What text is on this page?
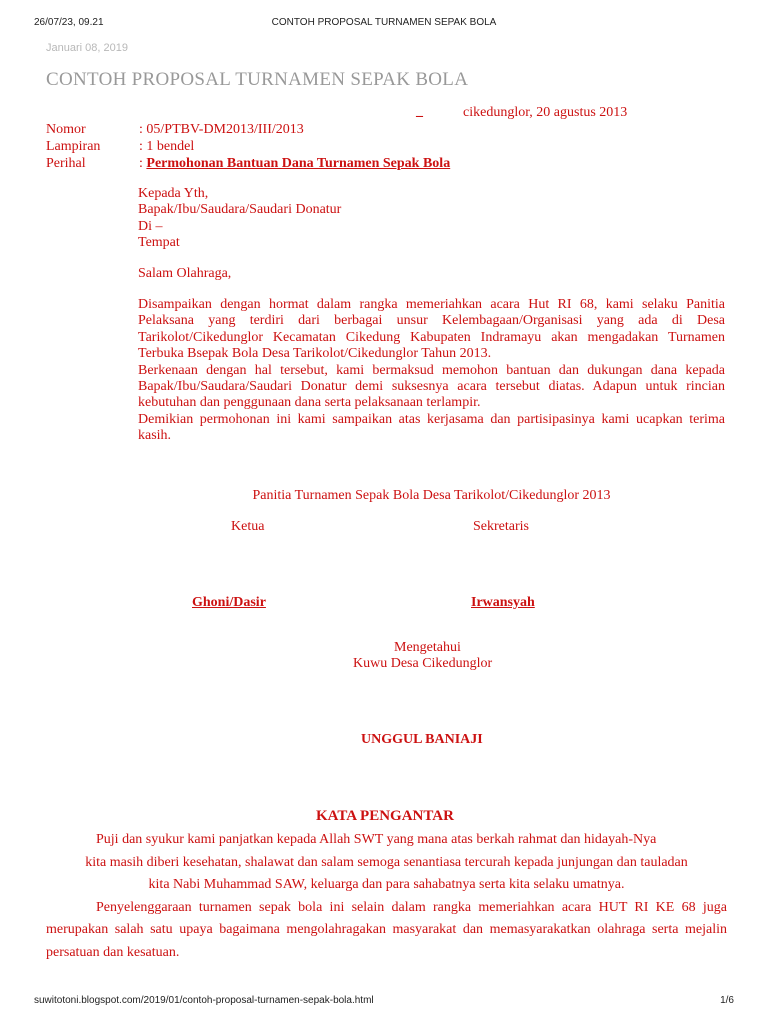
26/07/23, 09.21	CONTOH PROPOSAL TURNAMEN SEPAK BOLA
Januari 08, 2019
CONTOH PROPOSAL TURNAMEN SEPAK BOLA
_	cikedunglor, 20 agustus 2013
Nomor	: 05/PTBV-DM2013/III/2013
Lampiran	: 1 bendel
Perihal	: Permohonan Bantuan Dana Turnamen Sepak Bola
Kepada Yth,
Bapak/Ibu/Saudara/Saudari Donatur
Di –
Tempat
Salam Olahraga,
Disampaikan dengan hormat dalam rangka memeriahkan acara Hut RI 68, kami selaku Panitia Pelaksana yang terdiri dari berbagai unsur Kelembagaan/Organisasi yang ada di Desa Tarikolot/Cikedunglor Kecamatan Cikedung Kabupaten Indramayu akan mengadakan Turnamen Terbuka Bsepak Bola Desa Tarikolot/Cikedunglor Tahun 2013.
Berkenaan dengan hal tersebut, kami bermaksud memohon bantuan dan dukungan dana kepada Bapak/Ibu/Saudara/Saudari Donatur demi suksesnya acara tersebut diatas. Adapun untuk rincian kebutuhan dan penggunaan dana serta pelaksanaan terlampir.
Demikian permohonan ini kami sampaikan atas kerjasama dan partisipasinya kami ucapkan terima kasih.
Panitia Turnamen Sepak Bola Desa Tarikolot/Cikedunglor 2013
Ketua	Sekretaris
Ghoni/Dasir	Irwansyah
Mengetahui
Kuwu Desa Cikedunglor
UNGGUL BANIAJI
KATA PENGANTAR
Puji dan syukur kami panjatkan kepada Allah SWT yang mana atas berkah rahmat dan hidayah-Nya
kita masih diberi kesehatan, shalawat dan salam semoga senantiasa tercurah kepada junjungan dan tauladan
kita Nabi Muhammad SAW, keluarga dan para sahabatnya serta kita selaku umatnya.
Penyelenggaraan turnamen sepak bola ini selain dalam rangka memeriahkan acara HUT RI KE 68 juga merupakan salah satu upaya bagaimana mengolahragakan masyarakat dan memasyarakatkan olahraga serta mejalin persatuan dan kesatuan.
suwitotoni.blogspot.com/2019/01/contoh-proposal-turnamen-sepak-bola.html	1/6
